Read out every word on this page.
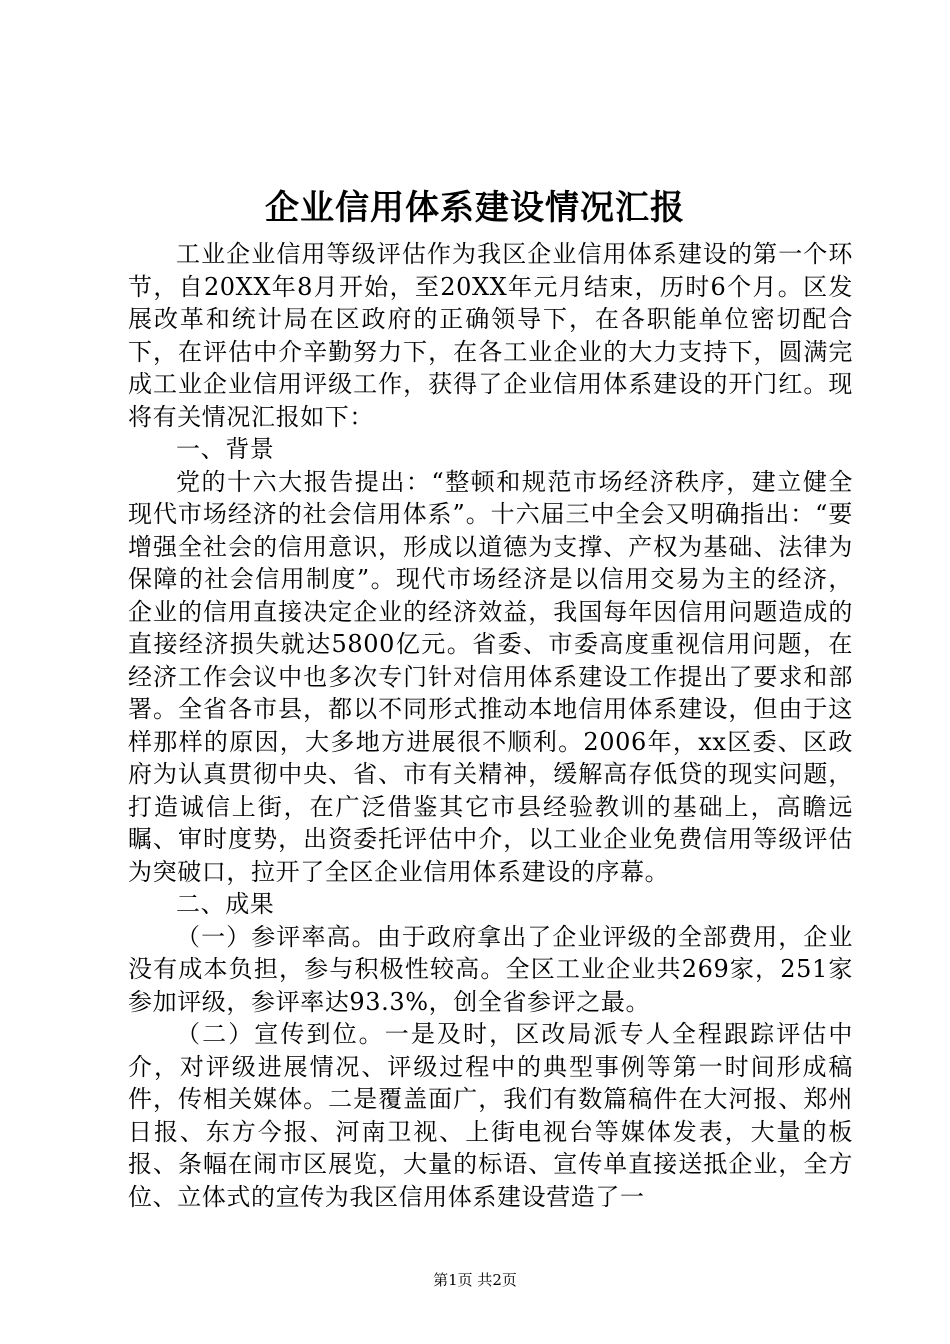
企业信用体系建设情况汇报

工业企业信用等级评估作为我区企业信用体系建设的第一个环节，自20XX年8月开始，至20XX年元月结束，历时6个月。区发展改革和统计局在区政府的正确领导下，在各职能单位密切配合下，在评估中介辛勤努力下，在各工业企业的大力支持下，圆满完成工业企业信用评级工作，获得了企业信用体系建设的开门红。现将有关情况汇报如下：

一、背景

党的十六大报告提出：“整顿和规范市场经济秩序，建立健全现代市场经济的社会信用体系”。十六届三中全会又明确指出：“要增强全社会的信用意识，形成以道德为支撑、产权为基础、法律为保障的社会信用制度”。现代市场经济是以信用交易为主的经济，企业的信用直接决定企业的经济效益，我国每年因信用问题造成的直接经济损失就达5800亿元。省委、市委高度重视信用问题，在经济工作会议中也多次专门针对信用体系建设工作提出了要求和部署。全省各市县，都以不同形式推动本地信用体系建设，但由于这样那样的原因，大多地方进展很不顺利。2006年，xx区委、区政府为认真贯彻中央、省、市有关精神，缓解高存低贷的现实问题，打造诚信上街，在广泛借鉴其它市县经验教训的基础上，高瞻远瞩、审时度势，出资委托评估中介，以工业企业免费信用等级评估为突破口，拉开了全区企业信用体系建设的序幕。

二、成果

（一）参评率高。由于政府拿出了企业评级的全部费用，企业没有成本负担，参与积极性较高。全区工业企业共269家，251家参加评级，参评率达93.3%，创全省参评之最。

（二）宣传到位。一是及时，区改局派专人全程跟踪评估中介，对评级进展情况、评级过程中的典型事例等第一时间形成稿件，传相关媒体。二是覆盖面广，我们有数篇稿件在大河报、郑州日报、东方今报、河南卫视、上街电视台等媒体发表，大量的板报、条幅在闹市区展览，大量的标语、宣传单直接送抵企业，全方位、立体式的宣传为我区信用体系建设营造了一

第1页 共2页
